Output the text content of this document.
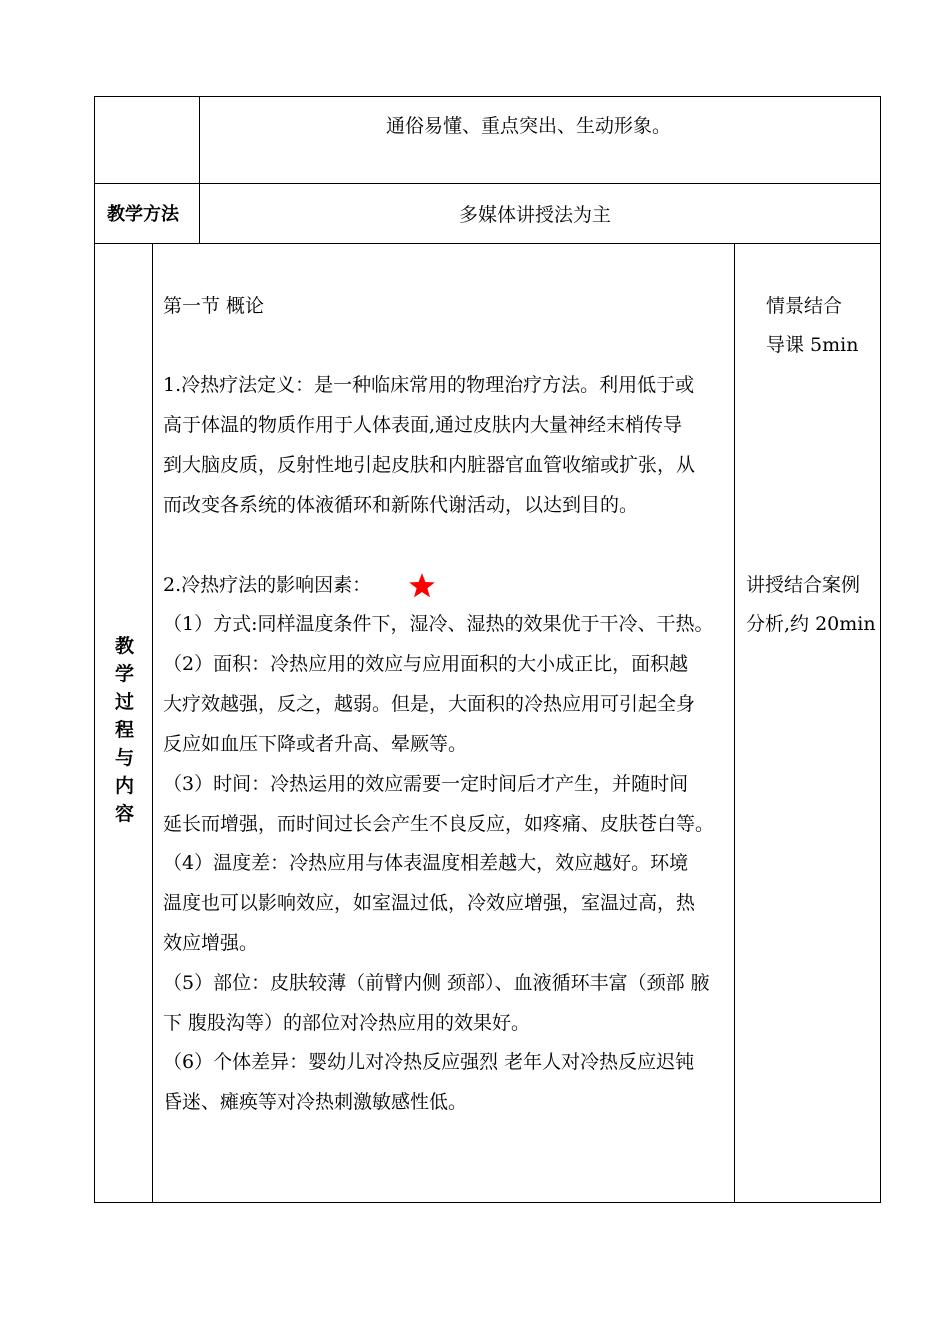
通俗易懂、重点突出、生动形象。
教学方法	多媒体讲授法为主
教
学
过
程
与
内
容
情景结合
导课 5min
讲授结合案例
分析,约 20min
第一节 概论
1.冷热疗法定义：是一种临床常用的物理治疗方法。利用低于或
高于体温的物质作用于人体表面,通过皮肤内大量神经末梢传导
到大脑皮质，反射性地引起皮肤和内脏器官血管收缩或扩张，从
而改变各系统的体液循环和新陈代谢活动，以达到目的。
2.冷热疗法的影响因素：
（1）方式:同样温度条件下，湿冷、湿热的效果优于干冷、干热。
（2）面积：冷热应用的效应与应用面积的大小成正比，面积越
大疗效越强，反之，越弱。但是，大面积的冷热应用可引起全身
反应如血压下降或者升高、晕厥等。
（3）时间：冷热运用的效应需要一定时间后才产生，并随时间
延长而增强，而时间过长会产生不良反应，如疼痛、皮肤苍白等。
（4）温度差：冷热应用与体表温度相差越大，效应越好。环境
温度也可以影响效应，如室温过低，冷效应增强，室温过高，热
效应增强。
（5）部位：皮肤较薄（前臂内侧 颈部）、血液循环丰富（颈部 腋
下 腹股沟等）的部位对冷热应用的效果好。
（6）个体差异：婴幼儿对冷热反应强烈 老年人对冷热反应迟钝
昏迷、瘫痪等对冷热刺激敏感性低。
